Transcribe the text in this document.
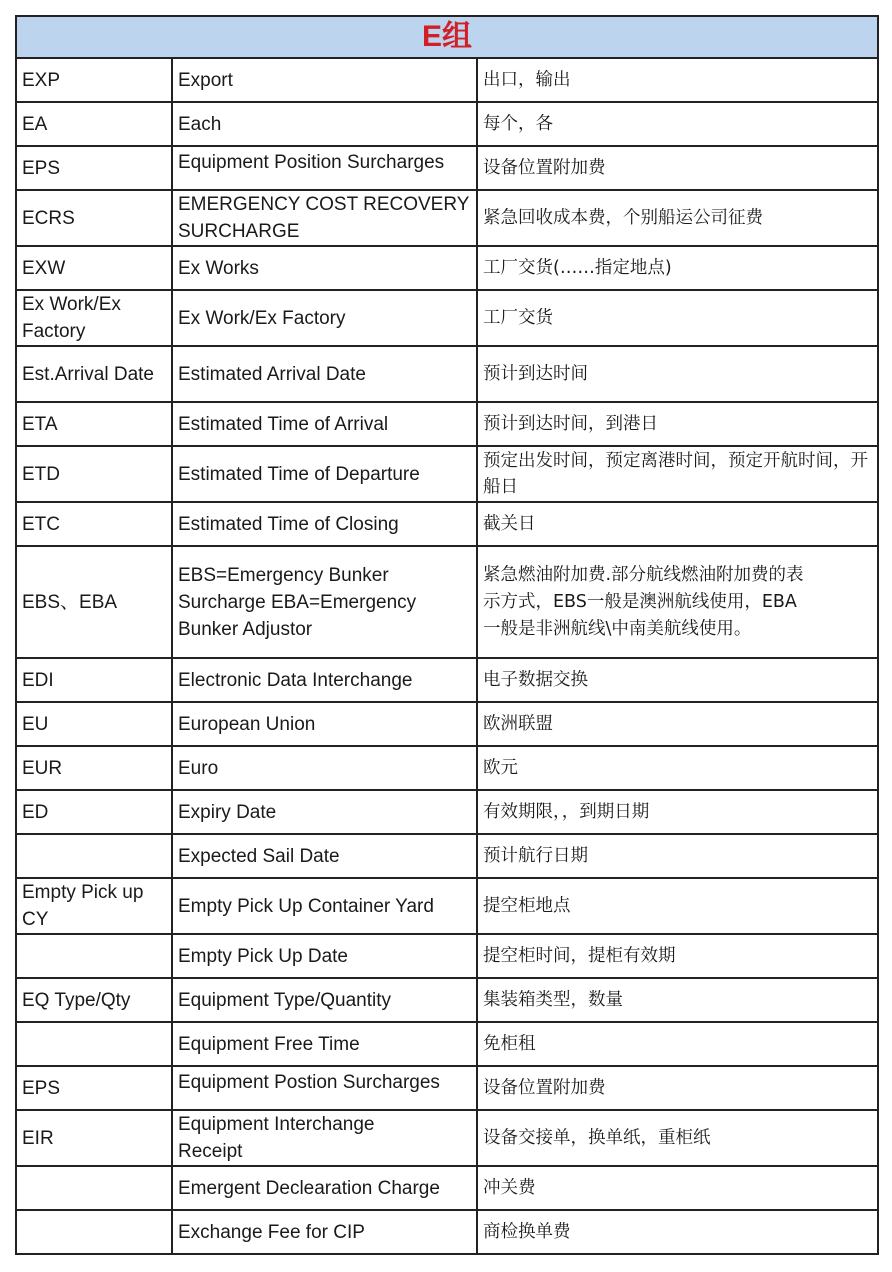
E组		
EXP	Export	出口，输出
EA	Each	每个，各
EPS	Equipment Position Surcharges	设备位置附加费
ECRS	EMERGENCY COST RECOVERY SURCHARGE	紧急回收成本费，个别船运公司征费
EXW	Ex Works	工厂交货(……指定地点)
Ex Work/Ex Factory	Ex Work/Ex Factory	工厂交货
Est.Arrival Date	Estimated Arrival Date	预计到达时间
ETA	Estimated Time of Arrival	预计到达时间，到港日
ETD	Estimated Time of Departure	预定出发时间，预定离港时间，预定开航时间，开船日
ETC	Estimated Time of Closing	截关日
EBS、EBA	EBS=Emergency Bunker Surcharge EBA=Emergency Bunker Adjustor	紧急燃油附加费.部分航线燃油附加费的表示方式，EBS一般是澳洲航线使用，EBA一般是非洲航线\中南美航线使用。
EDI	Electronic Data Interchange	电子数据交换
EU	European Union	欧洲联盟
EUR	Euro	欧元
ED	Expiry Date	有效期限，，到期日期
	Expected Sail Date	预计航行日期
Empty Pick up CY	Empty Pick Up Container Yard	提空柜地点
	Empty Pick Up Date	提空柜时间，提柜有效期
EQ Type/Qty	Equipment Type/Quantity	集装箱类型，数量
	Equipment Free Time	免柜租
EPS	Equipment Postion Surcharges	设备位置附加费
EIR	Equipment Interchange Receipt	设备交接单，换单纸，重柜纸
	Emergent Declearation Charge	冲关费
	Exchange Fee for CIP	商检换单费
